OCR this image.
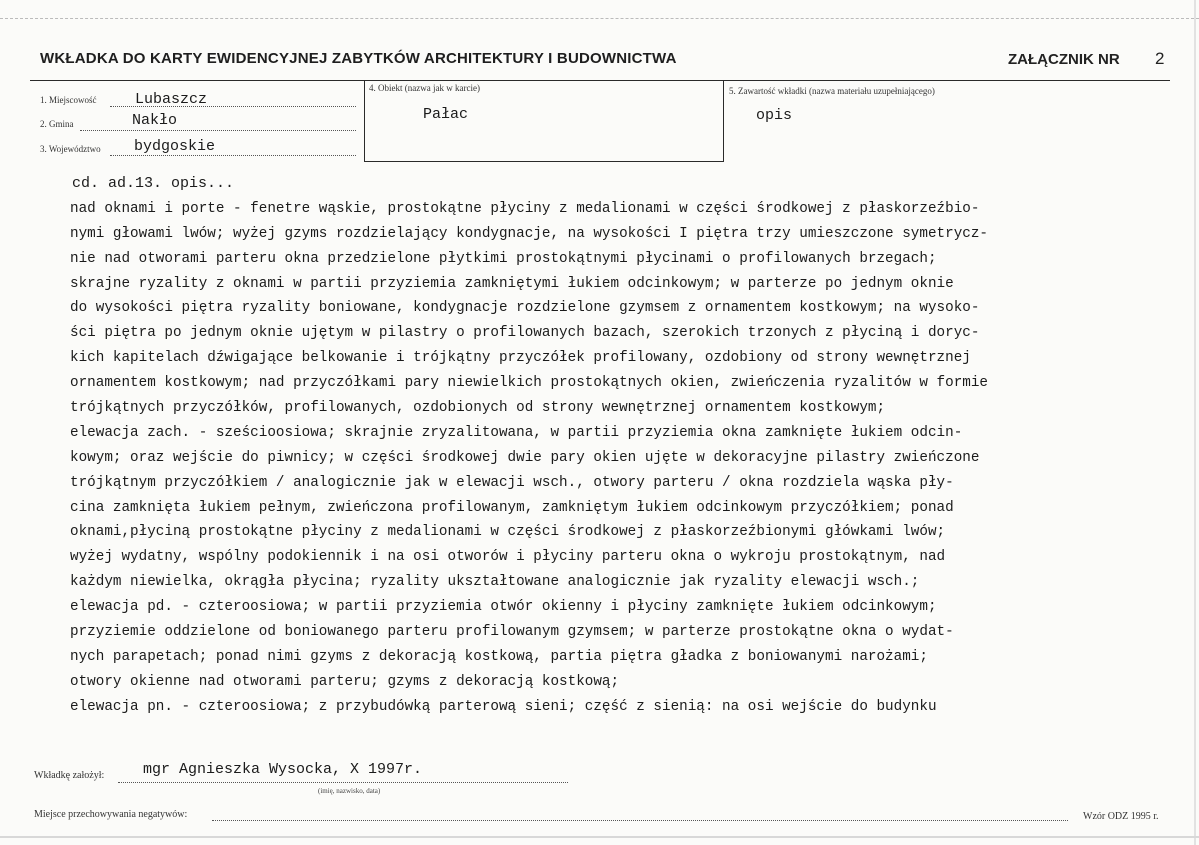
WKŁADKA DO KARTY EWIDENCYJNEJ ZABYTKÓW ARCHITEKTURY I BUDOWNICTWA	ZAŁĄCZNIK NR 2
1. Miejscowość	Lubaszcz
2. Gmina	Nakło
3. Województwo bydgoskie
4. Obiekt (nazwa jak w karcie)
Pałac
5. Zawartość wkładki (nazwa materiału uzupełniającego)
opis
cd. ad.13. opis...
nad oknami i porte - fenetre wąskie, prostokątne płyciny z medalionami w części środkowej z płaskorzeźbio-
nymi głowami lwów; wyżej gzyms rozdzielający kondygnacje, na wysokości I piętra trzy umieszczone symetrycz-
nie nad otworami parteru okna przedzielone płytkimi prostokątnymi płycinami o profilowanych brzegach;
skrajne ryzality z oknami w partii przyziemia zamkniętymi łukiem odcinkowym; w parterze po jednym oknie
do wysokości piętra ryzality boniowane, kondygnacje rozdzielone gzymsem z ornamentem kostkowym; na wysoko-
ści piętra po jednym oknie ujętym w pilastry o profilowanych bazach, szerokich trzonych z płyciną i doryc-
kich kapitelach dźwigające belkowanie i trójkątny przyczółek profilowany, ozdobiony od strony wewnętrznej
ornamentem kostkowym; nad przyczółkami pary niewielkich prostokątnych okien, zwieńczenia ryzalitów w formie
trójkątnych przyczółków, profilowanych, ozdobionych od strony wewnętrznej ornamentem kostkowym;
elewacja zach. - sześcioosiowa; skrajnie zryzalitowana, w partii przyziemia okna zamknięte łukiem odcin-
kowym; oraz wejście do piwnicy; w części środkowej dwie pary okien ujęte w dekoracyjne pilastry zwieńczone
trójkątnym przyczółkiem / analogicznie jak w elewacji wsch., otwory parteru / okna rozdziela wąska pły-
cina zamknięta łukiem pełnym, zwieńczona profilowanym, zamkniętym łukiem odcinkowym przyczółkiem; ponad
oknami,płyciną prostokątne płyciny z medalionami w części środkowej z płaskorzeźbionymi główkami lwów;
wyżej wydatny, wspólny podokiennik i na osi otworów i płyciny parteru okna o wykroju prostokątnym, nad
każdym niewielka, okrągła płycina; ryzality ukształtowane analogicznie jak ryzality elewacji wsch.;
elewacja pd. - czteroosiowa; w partii przyziemia otwór okienny i płyciny zamknięte łukiem odcinkowym;
przyziemie oddzielone od boniowanego parteru profilowanym gzymsem; w parterze prostokątne okna o wydat-
nych parapetach; ponad nimi gzyms z dekoracją kostkową, partia piętra gładka z boniowanymi narożami;
otwory okienne nad otworami parteru; gzyms z dekoracją kostkową;
elewacja pn. - czteroosiowa; z przybudówką parterową sieni; część z sienią: na osi wejście do budynku
Wkładkę założył:	mgr Agnieszka Wysocka, X 1997r.
(imię, nazwisko, data)
Miejsce przechowywania negatywów:	Wzór ODZ 1995 r.
